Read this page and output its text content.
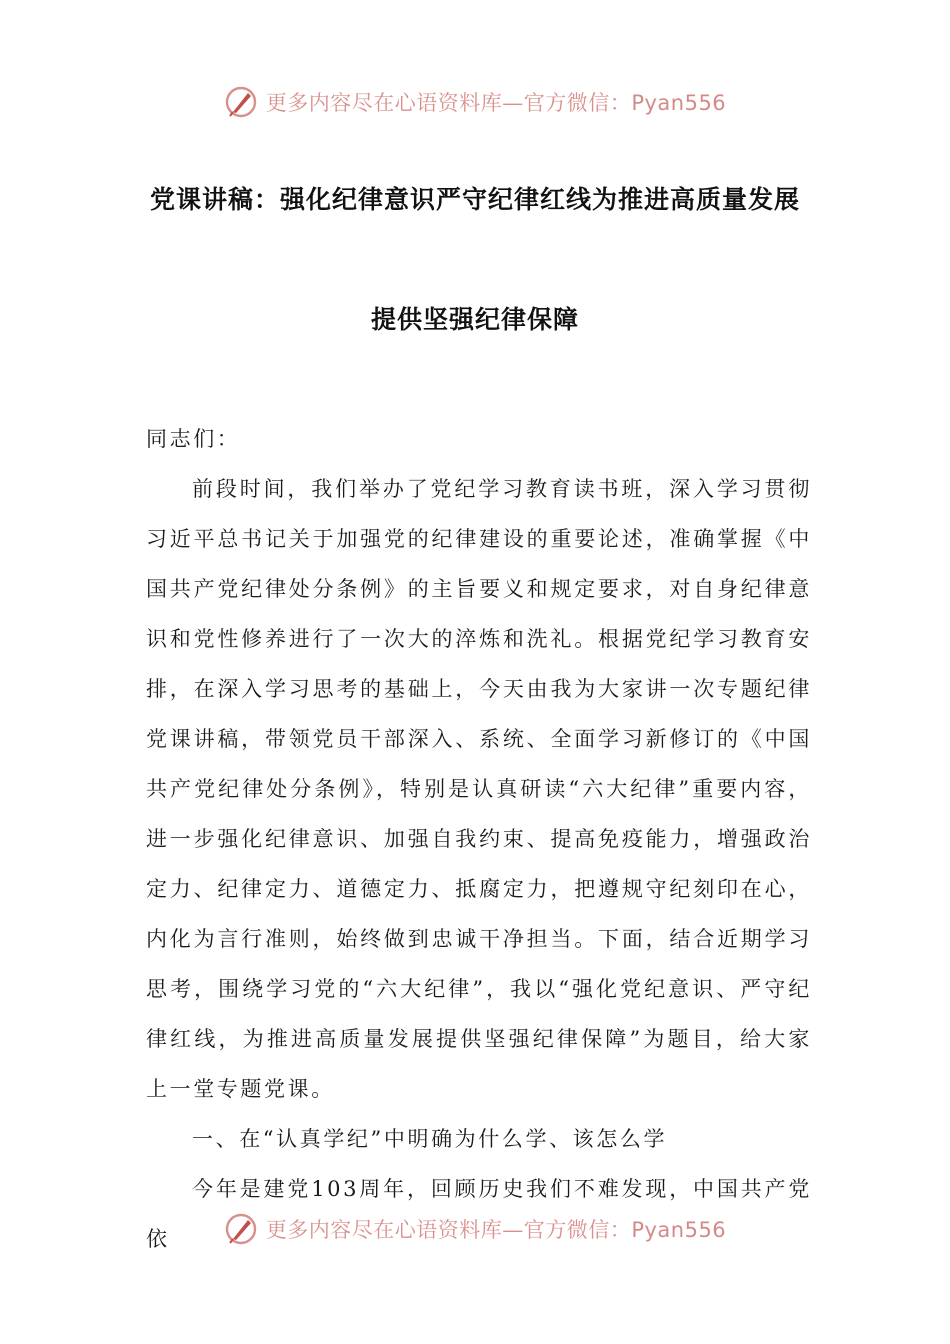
更多内容尽在心语资料库—官方微信：Pyan556
党课讲稿：强化纪律意识严守纪律红线为推进高质量发展
提供坚强纪律保障

同志们：

前段时间，我们举办了党纪学习教育读书班，深入学习贯彻习近平总书记关于加强党的纪律建设的重要论述，准确掌握《中国共产党纪律处分条例》的主旨要义和规定要求，对自身纪律意识和党性修养进行了一次大的淬炼和洗礼。根据党纪学习教育安排，在深入学习思考的基础上，今天由我为大家讲一次专题纪律党课讲稿，带领党员干部深入、系统、全面学习新修订的《中国共产党纪律处分条例》，特别是认真研读“六大纪律”重要内容，进一步强化纪律意识、加强自我约束、提高免疫能力，增强政治定力、纪律定力、道德定力、抵腐定力，把遵规守纪刻印在心，内化为言行准则，始终做到忠诚干净担当。下面，结合近期学习思考，围绕学习党的“六大纪律”，我以“强化党纪意识、严守纪律红线，为推进高质量发展提供坚强纪律保障”为题目，给大家上一堂专题党课。

一、在“认真学纪”中明确为什么学、该怎么学

今年是建党103周年，回顾历史我们不难发现，中国共产党依	更多内容尽在心语资料库—官方微信：Pyan556
